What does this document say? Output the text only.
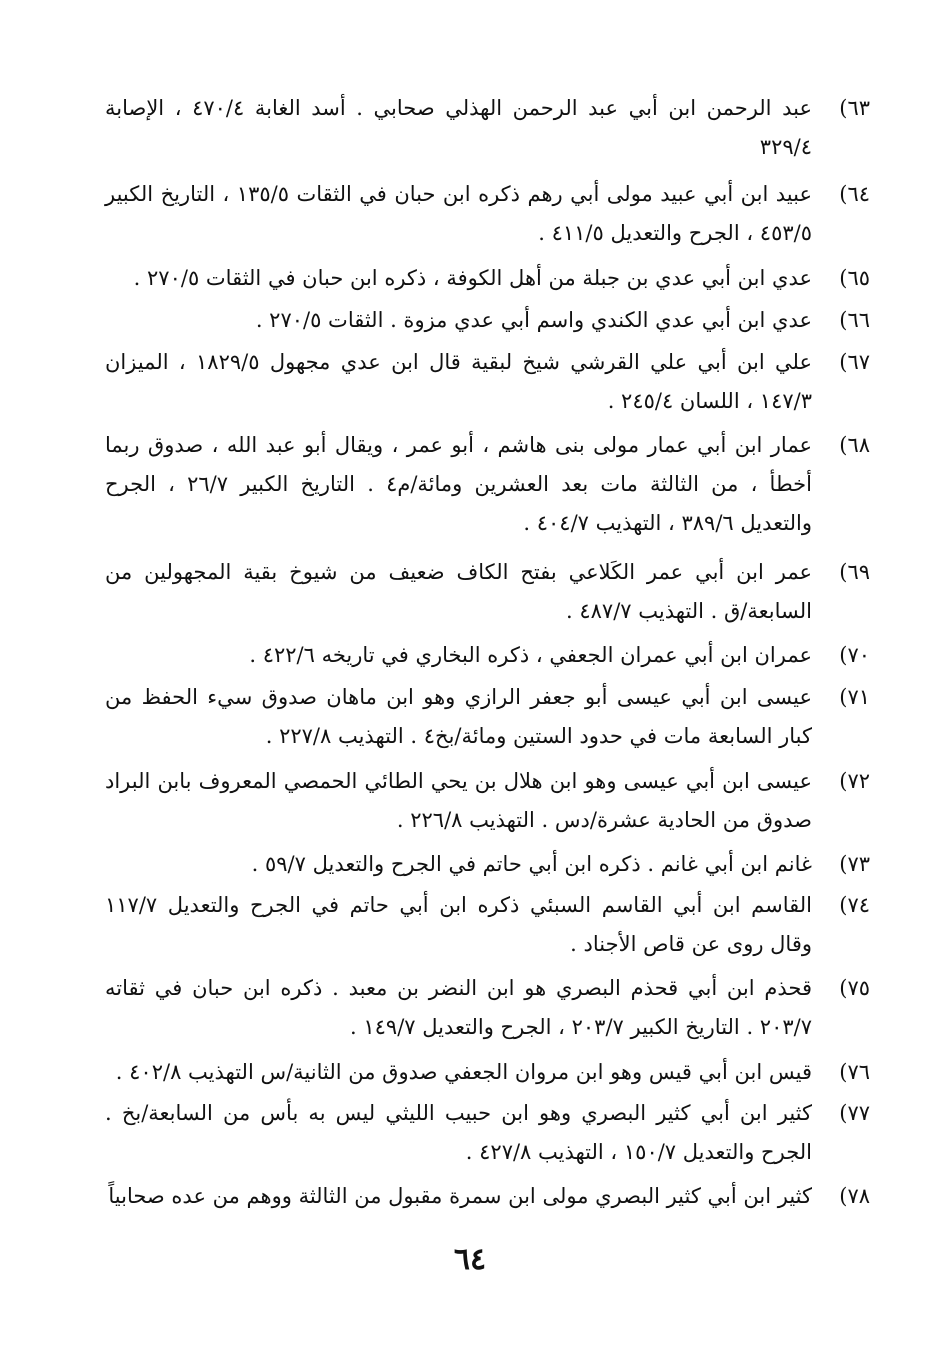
٦٣)
عبد الرحمن ابن أبي عبد الرحمن الهذلي صحابي . أسد الغابة ٤٧٠/٤ ، الإصابة ٣٢٩/٤
٦٤)
عبيد ابن أبي عبيد مولى أبي رهم ذكره ابن حبان في الثقات ١٣٥/٥ ، التاريخ الكبير ٤٥٣/٥ ، الجرح والتعديل ٤١١/٥ .
٦٥)
عدي ابن أبي عدي بن جبلة من أهل الكوفة ، ذكره ابن حبان في الثقات ٢٧٠/٥ .
٦٦)
عدي ابن أبي عدي الكندي واسم أبي عدي مزوة . الثقات ٢٧٠/٥ .
٦٧)
علي ابن أبي علي القرشي شيخ لبقية قال ابن عدي مجهول ١٨٢٩/٥ ، الميزان ١٤٧/٣ ، اللسان ٢٤٥/٤ .
٦٨)
عمار ابن أبي عمار مولى بنى هاشم ، أبو عمر ، ويقال أبو عبد الله ، صدوق ربما أخطأ ، من الثالثة مات بعد العشرين ومائة/م٤ . التاريخ الكبير ٢٦/٧ ، الجرح والتعديل ٣٨٩/٦ ، التهذيب ٤٠٤/٧ .
٦٩)
عمر ابن أبي عمر الكَلاعي بفتح الكاف ضعيف من شيوخ بقية المجهولين من السابعة/ق . التهذيب ٤٨٧/٧ .
٧٠)
عمران ابن أبي عمران الجعفي ، ذكره البخاري في تاريخه ٤٢٢/٦ .
٧١)
عيسى ابن أبي عيسى أبو جعفر الرازي وهو ابن ماهان صدوق سيء الحفظ من كبار السابعة مات في حدود الستين ومائة/بخ٤ . التهذيب ٢٢٧/٨ .
٧٢)
عيسى ابن أبي عيسى وهو ابن هلال بن يحي الطائي الحمصي المعروف بابن البراد صدوق من الحادية عشرة/دس . التهذيب ٢٢٦/٨ .
٧٣)
غانم ابن أبي غانم . ذكره ابن أبي حاتم في الجرح والتعديل ٥٩/٧ .
٧٤)
القاسم ابن أبي القاسم السبئي ذكره ابن أبي حاتم في الجرح والتعديل ١١٧/٧ وقال روى عن قاص الأجناد .
٧٥)
قحذم ابن أبي قحذم البصري هو ابن النضر بن معبد . ذكره ابن حبان في ثقاته ٢٠٣/٧ . التاريخ الكبير ٢٠٣/٧ ، الجرح والتعديل ١٤٩/٧ .
٧٦)
قيس ابن أبي قيس وهو ابن مروان الجعفي صدوق من الثانية/س التهذيب ٤٠٢/٨ .
٧٧)
كثير ابن أبي كثير البصري وهو ابن حبيب الليثي ليس به بأس من السابعة/بخ . الجرح والتعديل ١٥٠/٧ ، التهذيب ٤٢٧/٨ .
٧٨)
كثير ابن أبي كثير البصري مولى ابن سمرة مقبول من الثالثة ووهم من عده صحابياً
٦٤
